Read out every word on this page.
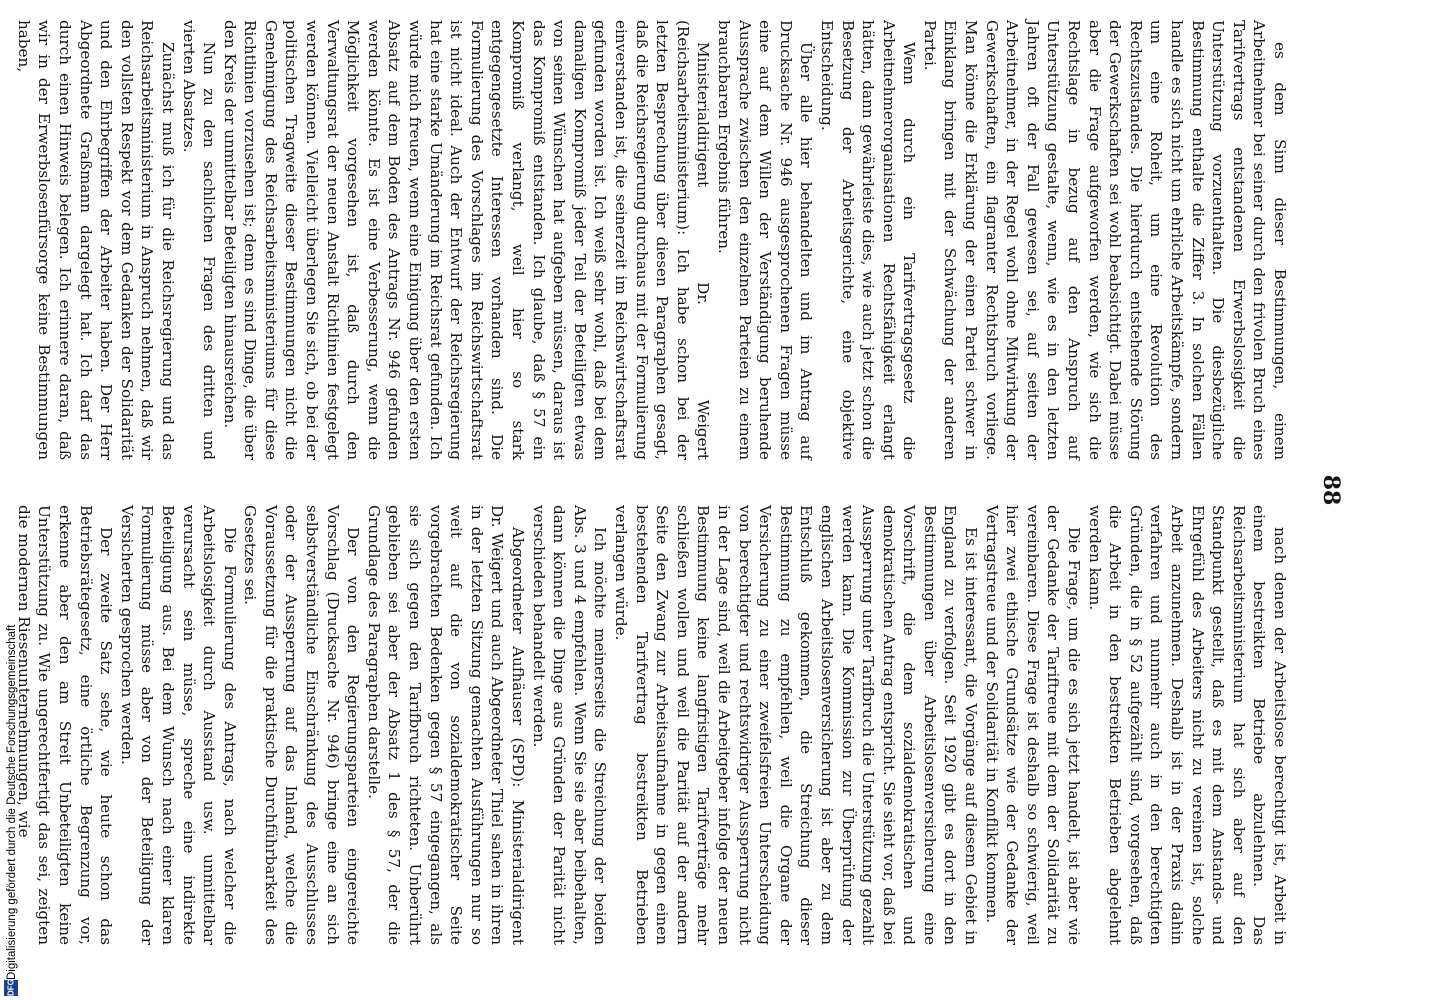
88

es dem Sinn dieser Bestimmungen, einem Arbeitnehmer bei seiner durch den frivolen Bruch eines Tarifvertrags entstandenen Erwerbslosigkeit die Unterstützung vorzuenthalten. Die diesbezügliche Bestimmung enthalte die Ziffer 3. In solchen Fällen handle es sich nicht um ehrliche Arbeitskämpfe, sondern um eine Roheit, um eine Revolution des Rechtszustandes. Die hierdurch entstehende Störung der Gewerkschaften sei wohl beabsichtigt. Dabei müsse aber die Frage aufgeworfen werden, wie sich die Rechtslage in bezug auf den Anspruch auf Unterstützung gestalte, wenn, wie es in den letzten Jahren oft der Fall gewesen sei, auf seiten der Arbeitnehmer, in der Regel wohl ohne Mitwirkung der Gewerkschaften, ein flagranter Rechtsbruch vorliege. Man könne die Erklärung der einen Partei schwer in Einklang bringen mit der Schwächung der anderen Partei.

Wenn durch ein Tarifvertragsgesetz die Arbeitnehmerorganisationen Rechtsfähigkeit erlangt hätten, dann gewährleiste dies, wie auch jetzt schon die Besetzung der Arbeitsgerichte, eine objektive Entscheidung.

Über alle hier behandelten und im Antrag auf Drucksache Nr. 946 ausgesprochenen Fragen müsse eine auf dem Willen der Verständigung beruhende Aussprache zwischen den einzelnen Parteien zu einem brauchbaren Ergebnis führen.

Ministerialdirigent Dr. Weigert (Reichsarbeitsministerium): Ich habe schon bei der letzten Besprechung über diesen Paragraphen gesagt, daß die Reichsregierung durchaus mit der Formulierung einverstanden ist, die seinerzeit im Reichswirtschaftsrat gefunden worden ist. Ich weiß sehr wohl, daß bei dem damaligen Kompromiß jeder Teil der Beteiligten etwas von seinen Wünschen hat aufgeben müssen, daraus ist das Kompromiß entstanden. Ich glaube, daß § 57 ein Kompromiß verlangt, weil hier so stark entgegengesetzte Interessen vorhanden sind. Die Formulierung des Vorschlages im Reichswirtschaftsrat ist nicht ideal. Auch der Entwurf der Reichsregierung hat eine starke Umänderung im Reichsrat gefunden. Ich würde mich freuen, wenn eine Einigung über den ersten Absatz auf dem Boden des Antrags Nr. 946 gefunden werden könnte. Es ist eine Verbesserung, wenn die Möglichkeit vorgesehen ist, daß durch den Verwaltungsrat der neuen Anstalt Richtlinien festgelegt werden können. Vielleicht überlegen Sie sich, ob bei der politischen Tragweite dieser Bestimmungen nicht die Genehmigung des Reichsarbeitsministeriums für diese Richtlinien vorzusehen ist; denn es sind Dinge, die über den Kreis der unmittelbar Beteiligten hinausreichen.

Nun zu den sachlichen Fragen des dritten und vierten Absatzes.

Zunächst muß ich für die Reichsregierung und das Reichsarbeitsministerium in Anspruch nehmen, daß wir den vollsten Respekt vor dem Gedanken der Solidarität und den Ehrbegriffen der Arbeiter haben. Der Herr Abgeordnete Graßmann dargelegt hat. Ich darf das durch einen Hinweis belegen. Ich erinnere daran, daß wir in der Erwerbslosenfürsorge keine Bestimmungen haben,

nach denen der Arbeitslose berechtigt ist, Arbeit in einem bestreikten Betriebe abzulehnen. Das Reichsarbeitsministerium hat sich aber auf den Standpunkt gestellt, daß es mit dem Anstands- und Ehrgefühl des Arbeiters nicht zu vereinen ist, solche Arbeit anzunehmen. Deshalb ist in der Praxis dahin verfahren und nunmehr auch in den berechtigten Gründen, die in § 52 aufgezählt sind, vorgesehen, daß die Arbeit in den bestreikten Betrieben abgelehnt werden kann.

Die Frage, um die es sich jetzt handelt, ist aber wie der Gedanke der Tariftreue mit dem der Solidarität zu vereinbaren. Diese Frage ist deshalb so schwierig, weil hier zwei ethische Grundsätze wie der Gedanke der Vertragstreue und der Solidarität in Konflikt kommen.

Es ist interessant, die Vorgänge auf diesem Gebiet in England zu verfolgen. Seit 1920 gibt es dort in den Bestimmungen über Arbeitslosenversicherung eine Vorschrift, die dem sozialdemokratischen und demokratischen Antrag entspricht. Sie sieht vor, daß bei Aussperrung unter Tarifbruch die Unterstützung gezahlt werden kann. Die Kommission zur Überprüfung der englischen Arbeitslosenversicherung ist aber zu dem Entschluß gekommen, die Streichung dieser Bestimmung zu empfehlen, weil die Organe der Versicherung zu einer zweifelsfreien Unterscheidung von berechtigter und rechtswidriger Aussperrung nicht in der Lage sind, weil die Arbeitgeber infolge der neuen Bestimmung keine langfristigen Tarifverträge mehr schließen wollen und weil die Parität auf der andern Seite den Zwang zur Arbeitsaufnahme in gegen einen bestehenden Tarifvertrag bestreikten Betrieben verlangen würde.

Ich möchte meinerseits die Streichung der beiden Abs. 3 und 4 empfehlen. Wenn Sie sie aber beibehalten, dann können die Dinge aus Gründen der Parität nicht verschieden behandelt werden.

Abgeordneter Aufhäuser (SPD): Ministerialdirigent Dr. Weigert und auch Abgeordneter Thiel sahen in ihren in der letzten Sitzung gemachten Ausführungen nur so weit auf die von sozialdemokratischer Seite vorgebrachten Bedenken gegen § 57 eingegangen, als sie sich gegen den Tarifbruch richteten. Unberührt geblieben sei aber der Absatz 1 des § 57, der die Grundlage des Paragraphen darstelle.

Der von den Regierungsparteien eingereichte Vorschlag (Drucksache Nr. 946) bringe eine an sich selbstverständliche Einschränkung des Ausschlusses oder der Aussperrung auf das Inland, welche die Voraussetzung für die praktische Durchführbarkeit des Gesetzes sei.

Die Formulierung des Antrags, nach welcher die Arbeitslosigkeit durch Ausstand usw. unmittelbar verursacht sein müsse, spreche eine indirekte Beteiligung aus. Bei dem Wunsch nach einer klaren Formulierung müsse aber von der Beteiligung der Versicherten gesprochen werden.

Der zweite Satz sehe, wie heute schon das Betriebsrätegesetz, eine örtliche Begrenzung vor, erkenne aber den am Streit Unbeteiligten keine Unterstützung zu. Wie ungerechtfertigt das sei, zeigten die modernen Riesenunternehmungen, wie

Digitalisierung gefördert durch die Deutsche Forschungsgemeinschaft
DFG
